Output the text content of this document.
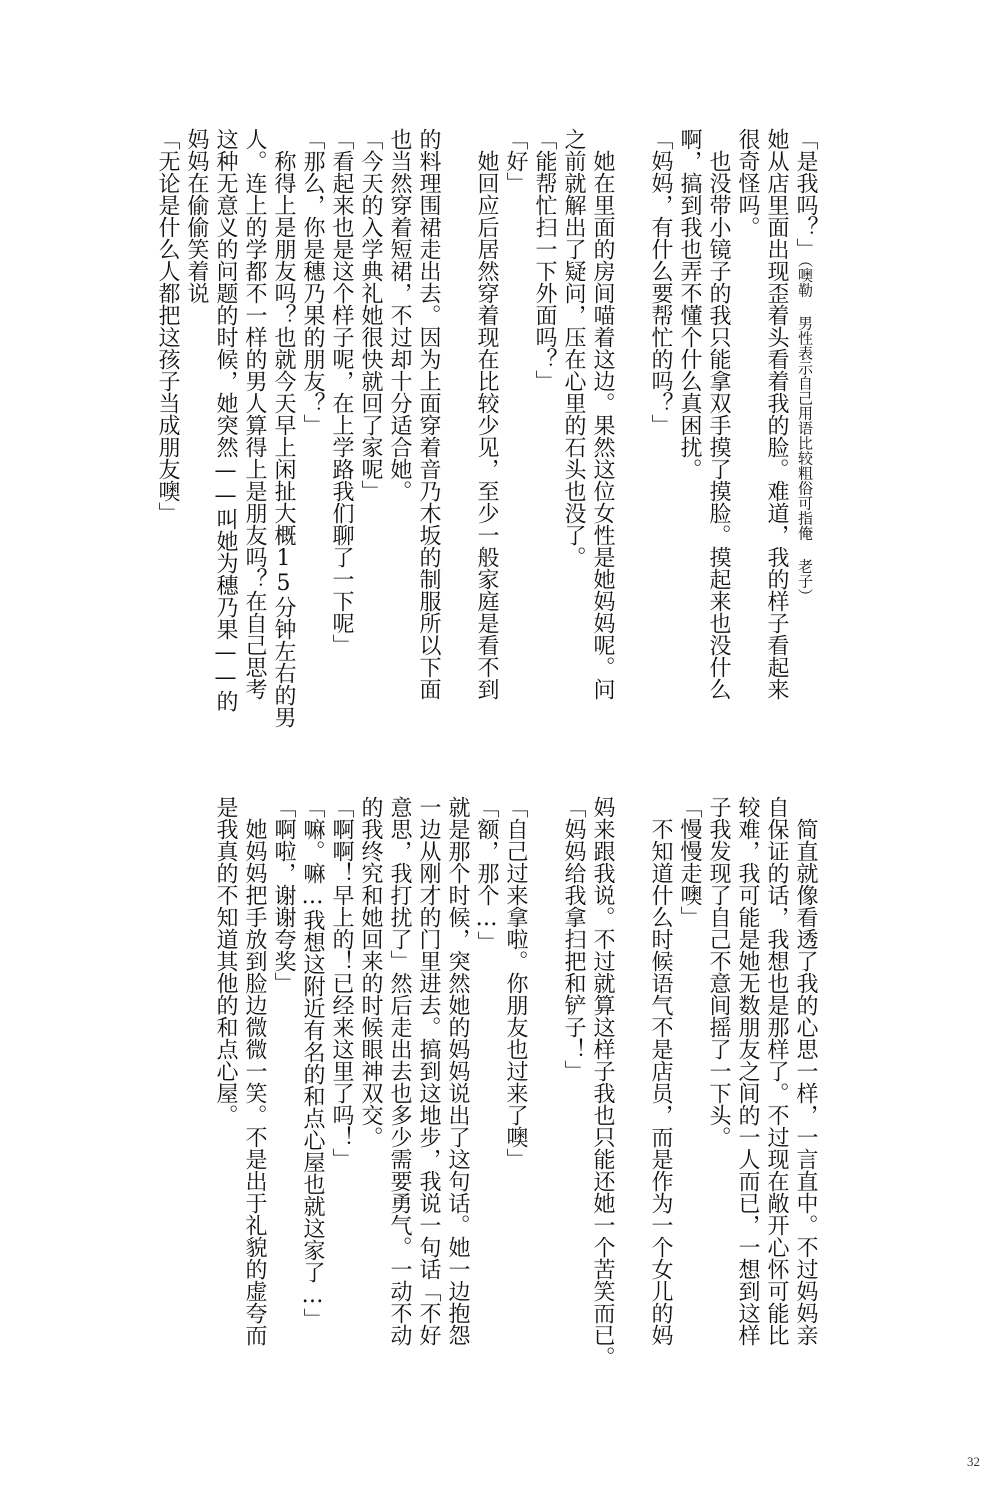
「是我吗？」（噢勒 男性表示自己用语比较粗俗可指俺 老子）
她从店里面出现歪着头看着我的脸。难道，我的样子看起来
很奇怪吗。
也没带小镜子的我只能拿双手摸了摸脸。摸起来也没什么
啊，搞到我也弄不懂个什么真困扰。
「妈妈，有什么要帮忙的吗？」
她在里面的房间喵着这边。果然这位女性是她妈妈呢。问
之前就解出了疑问，压在心里的石头也没了。
「能帮忙扫一下外面吗？」
「好」
她回应后居然穿着现在比较少见，至少一般家庭是看不到
的料理围裙走出去。因为上面穿着音乃木坂的制服所以下面
也当然穿着短裙，不过却十分适合她。
「今天的入学典礼她很快就回了家呢」
「看起来也是这个样子呢，在上学路我们聊了一下呢」
「那么，你是穗乃果的朋友？」
称得上是朋友吗？也就今天早上闲扯大概15分钟左右的男
人。连上的学都不一样的男人算得上是朋友吗？在自己思考
这种无意义的问题的时候，她突然——叫她为穗乃果——的
妈妈在偷偷笑着说
「无论是什么人都把这孩子当成朋友噢」
简直就像看透了我的心思一样，一言直中。不过妈妈亲
自保证的话，我想也是那样了。不过现在敞开心怀可能比
较难，我可能是她无数朋友之间的一人而已，一想到这样
子我发现了自己不意间摇了一下头。
「慢慢走噢」
不知道什么时候语气不是店员，而是作为一个女儿的妈
妈来跟我说。不过就算这样子我也只能还她一个苦笑而已。
「妈妈给我拿扫把和铲子！」
「自己过来拿啦。你朋友也过来了噢」
「额，那个…」
就是那个时候，突然她的妈妈说出了这句话。她一边抱怨
一边从刚才的门里进去。搞到这地步，我说一句话「不好
意思，我打扰了」然后走出去也多少需要勇气。一动不动
的我终究和她回来的时候眼神双交。
「啊啊！早上的！已经来这里了吗！」
「嘛。嘛…我想这附近有名的和点心屋也就这家了…」
「啊啦，谢谢夸奖」
她妈妈把手放到脸边微微一笑。不是出于礼貌的虚夸而
是我真的不知道其他的和点心屋。
32
